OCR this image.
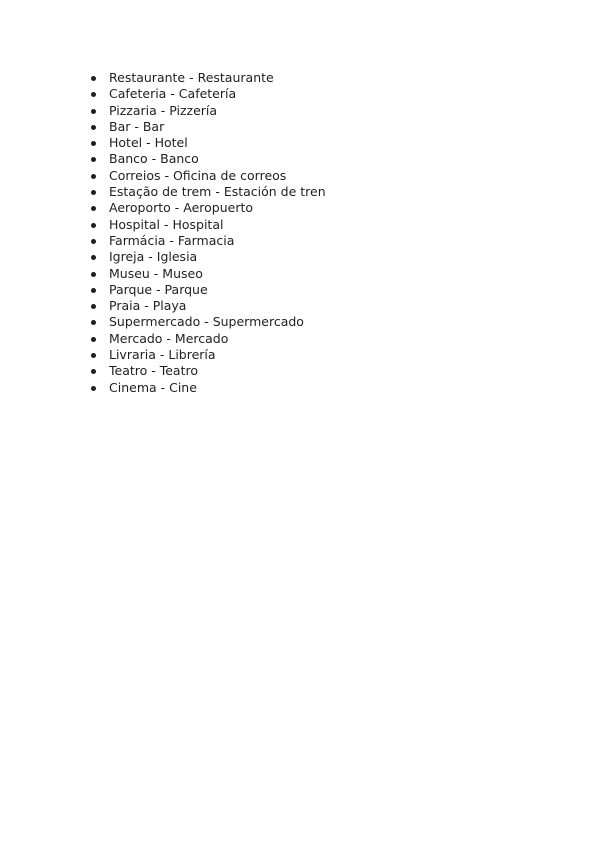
Restaurante - Restaurante
Cafeteria - Cafetería
Pizzaria - Pizzería
Bar - Bar
Hotel - Hotel
Banco - Banco
Correios - Oficina de correos
Estação de trem - Estación de tren
Aeroporto - Aeropuerto
Hospital - Hospital
Farmácia - Farmacia
Igreja - Iglesia
Museu - Museo
Parque - Parque
Praia - Playa
Supermercado - Supermercado
Mercado - Mercado
Livraria - Librería
Teatro - Teatro
Cinema - Cine
